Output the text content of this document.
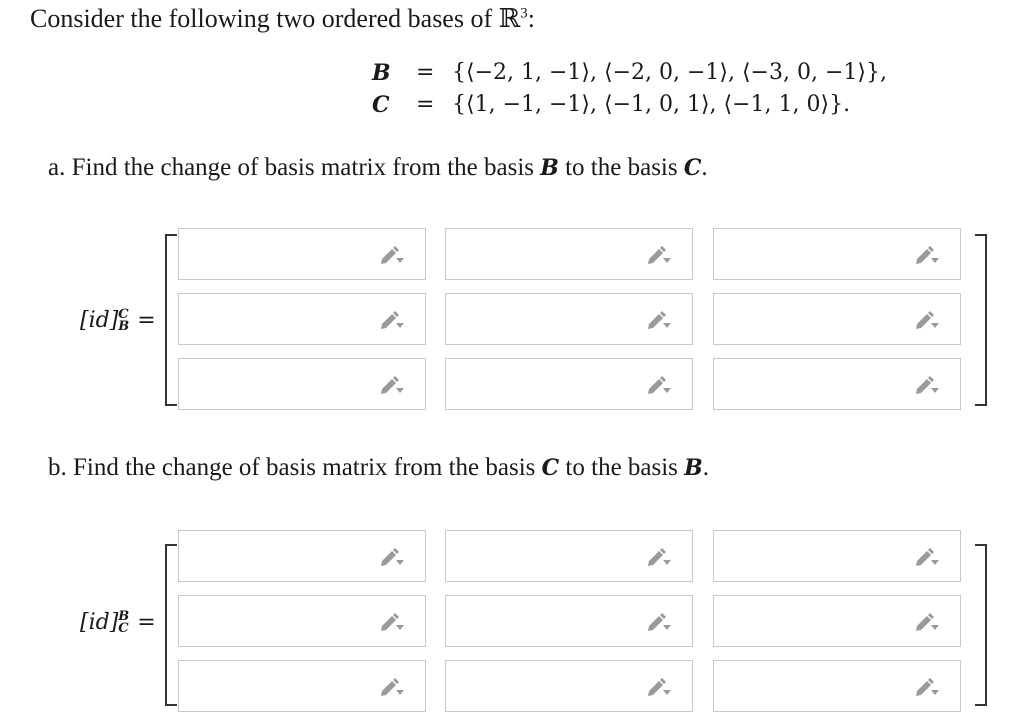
Consider the following two ordered bases of ℝ$^3$:
B = {⟨−2, 1, −1⟩, ⟨−2, 0, −1⟩, ⟨−3, 0, −1⟩},
C = {⟨1, −1, −1⟩, ⟨−1, 0, 1⟩, ⟨−1, 1, 0⟩}.
a. Find the change of basis matrix from the basis B to the basis C.
[id] C
B =
b. Find the change of basis matrix from the basis C to the basis B.
[id] B
C =
